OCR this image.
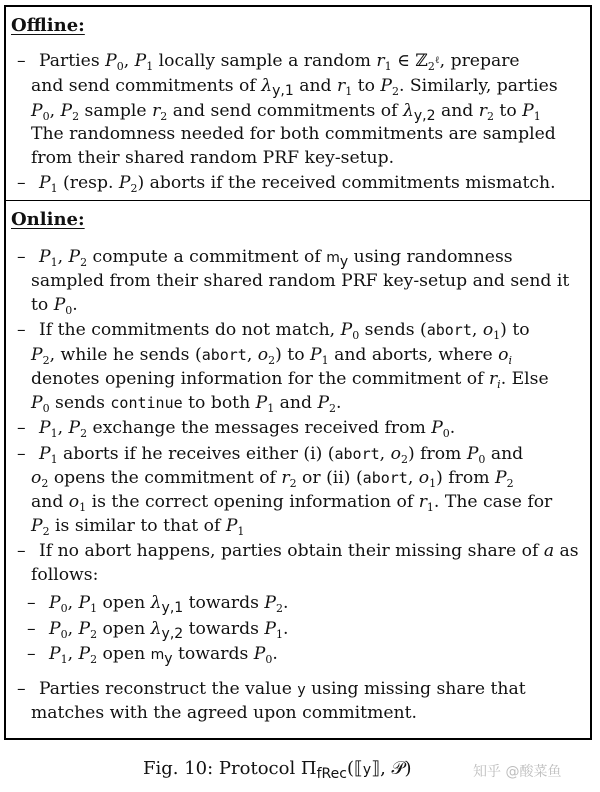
Offline:
– Parties $P_0$, $P_1$ locally sample a random $r_1$ ∈ ℤ$_{2^\ell}$, prepare
and send commitments of $\lambda_{y,1}$ and $r_1$ to $P_2$. Similarly, parties
$P_0$, $P_2$ sample $r_2$ and send commitments of $\lambda_{y,2}$ and $r_2$ to $P_1$
The randomness needed for both commitments are sampled
from their shared random PRF key-setup.
– $P_1$ (resp. $P_2$) aborts if the received commitments mismatch.
Online:
– $P_1$, $P_2$ compute a commitment of $m_y$ using randomness
sampled from their shared random PRF key-setup and send it
to $P_0$.
– If the commitments do not match, $P_0$ sends (abort, $o_1$) to
$P_2$, while he sends (abort, $o_2$) to $P_1$ and aborts, where $o_i$
denotes opening information for the commitment of $r_i$. Else
$P_0$ sends continue to both $P_1$ and $P_2$.
– $P_1$, $P_2$ exchange the messages received from $P_0$.
– $P_1$ aborts if he receives either (i) (abort, $o_2$) from $P_0$ and
$o_2$ opens the commitment of $r_2$ or (ii) (abort, $o_1$) from $P_2$
and $o_1$ is the correct opening information of $r_1$. The case for
$P_2$ is similar to that of $P_1$
– If no abort happens, parties obtain their missing share of a as
follows:
– $P_0$, $P_1$ open $\lambda_{y,1}$ towards $P_2$.
– $P_0$, $P_2$ open $\lambda_{y,2}$ towards $P_1$.
– $P_1$, $P_2$ open $m_y$ towards $P_0$.
– Parties reconstruct the value y using missing share that
matches with the agreed upon commitment.
Fig. 10: Protocol $\Pi_{fRec}(⟦y⟧$, 𝒫)	知乎 @酸菜鱼
